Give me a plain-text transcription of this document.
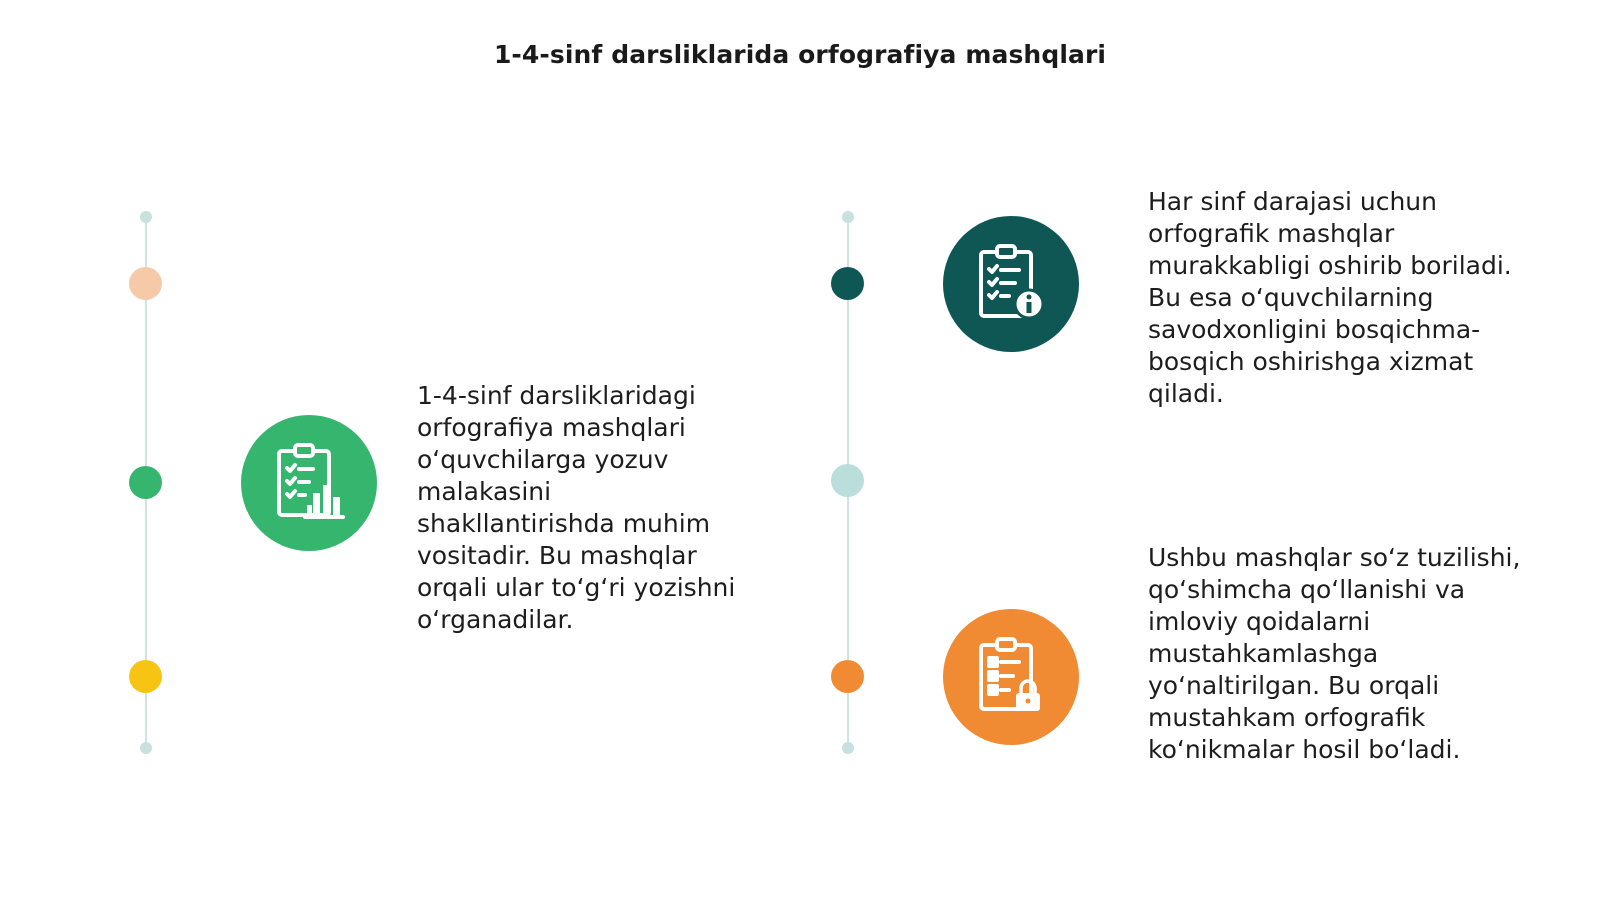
1-4-sinf darsliklarida orfografiya mashqlari
1-4-sinf darsliklaridagi orfografiya mashqlari o‘quvchilarga yozuv malakasini shakllantirishda muhim vositadir. Bu mashqlar orqali ular to‘g‘ri yozishni o‘rganadilar.
Har sinf darajasi uchun orfografik mashqlar murakkabligi oshirib boriladi. Bu esa o‘quvchilarning savodxonligini bosqichma-bosqich oshirishga xizmat qiladi.
Ushbu mashqlar so‘z tuzilishi, qo‘shimcha qo‘llanishi va imloviy qoidalarni mustahkamlashga yo‘naltirilgan. Bu orqali mustahkam orfografik ko‘nikmalar hosil bo‘ladi.
